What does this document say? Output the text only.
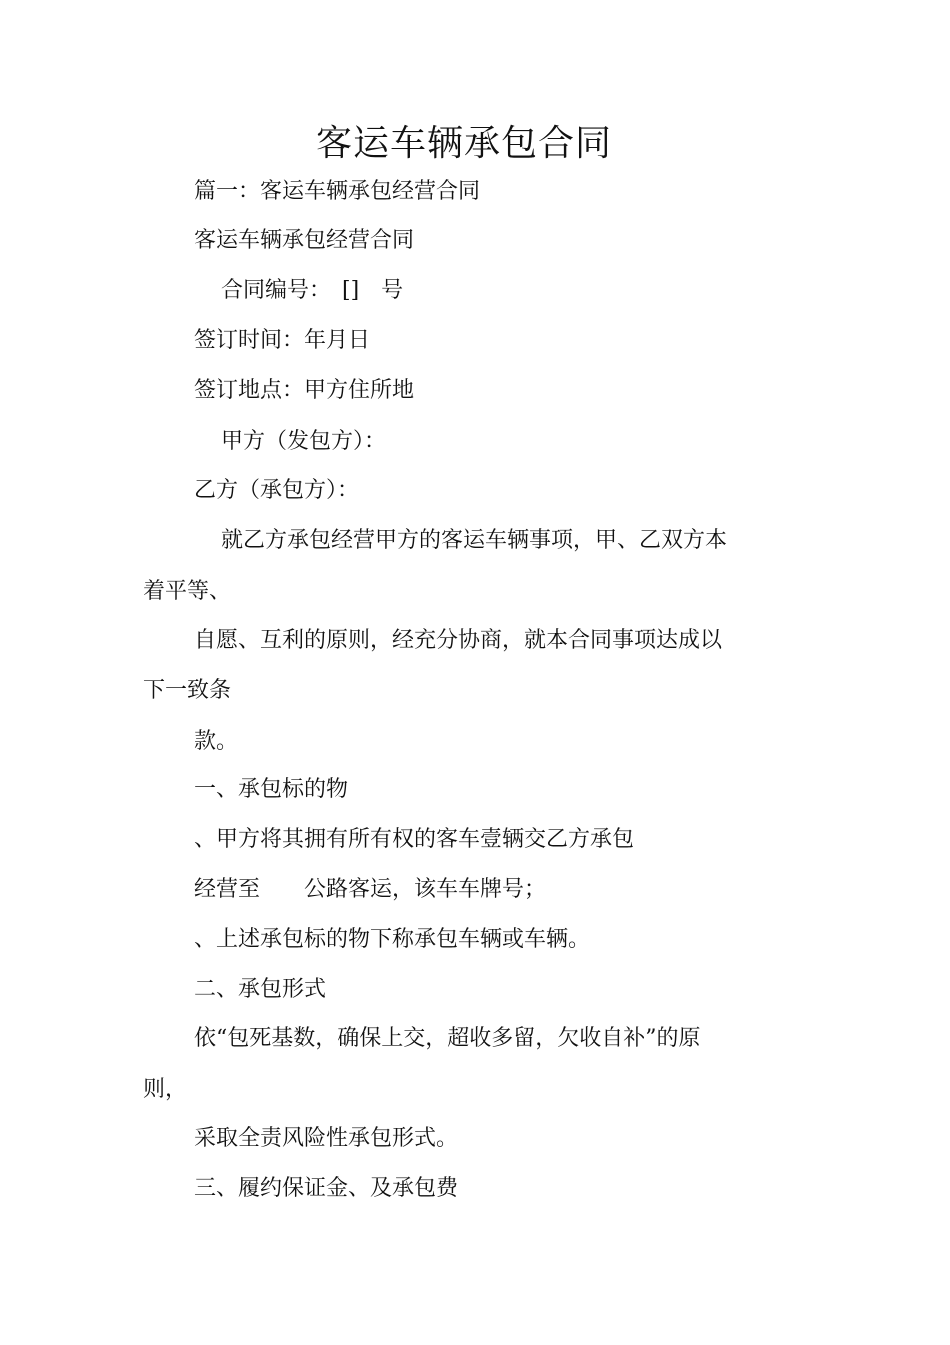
客运车辆承包合同
篇一：客运车辆承包经营合同
客运车辆承包经营合同
合同编号：　[]　号
签订时间：年月日
签订地点：甲方住所地
甲方（发包方）：
乙方（承包方）：
就乙方承包经营甲方的客运车辆事项，甲、乙双方本
着平等、
自愿、互利的原则，经充分协商，就本合同事项达成以
下一致条
款。
一、承包标的物
、甲方将其拥有所有权的客车壹辆交乙方承包
经营至　　公路客运，该车车牌号；
、上述承包标的物下称承包车辆或车辆。
二、承包形式
依“包死基数，确保上交，超收多留，欠收自补”的原
则，
采取全责风险性承包形式。
三、履约保证金、及承包费
